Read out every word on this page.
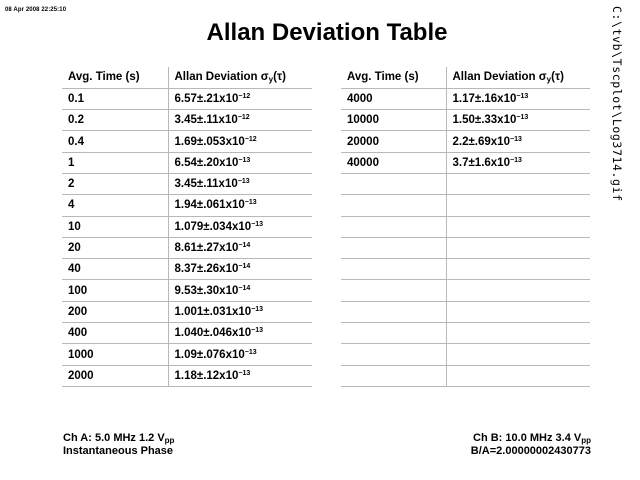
08 Apr 2008 22:25:10	C:\tvb\Tscplot\Log3714.gif
Allan Deviation Table
Avg. Time (s)	Allan Deviation $\sigma_y(\tau)$
0.1	$6.57\pm.21x10^{-12}$
0.2	$3.45\pm.11x10^{-12}$
0.4	$1.69\pm.053x10^{-12}$
1	$6.54\pm.20x10^{-13}$
2	$3.45\pm.11x10^{-13}$
4	$1.94\pm.061x10^{-13}$
10	$1.079\pm.034x10^{-13}$
20	$8.61\pm.27x10^{-14}$
40	$8.37\pm.26x10^{-14}$
100	$9.53\pm.30x10^{-14}$
200	$1.001\pm.031x10^{-13}$
400	$1.040\pm.046x10^{-13}$
1000	$1.09\pm.076x10^{-13}$
2000	$1.18\pm.12x10^{-13}$
Avg. Time (s)	Allan Deviation $\sigma_y(\tau)$
4000	$1.17\pm.16x10^{-13}$
10000	$1.50\pm.33x10^{-13}$
20000	$2.2\pm.69x10^{-13}$
40000	$3.7\pm 1.6x10^{-13}$

Ch A: 5.0 MHz 1.2 $V_{pp}$
Instantaneous Phase
Ch B: 10.0 MHz 3.4 $V_{pp}$
B/A=2.00000002430773
